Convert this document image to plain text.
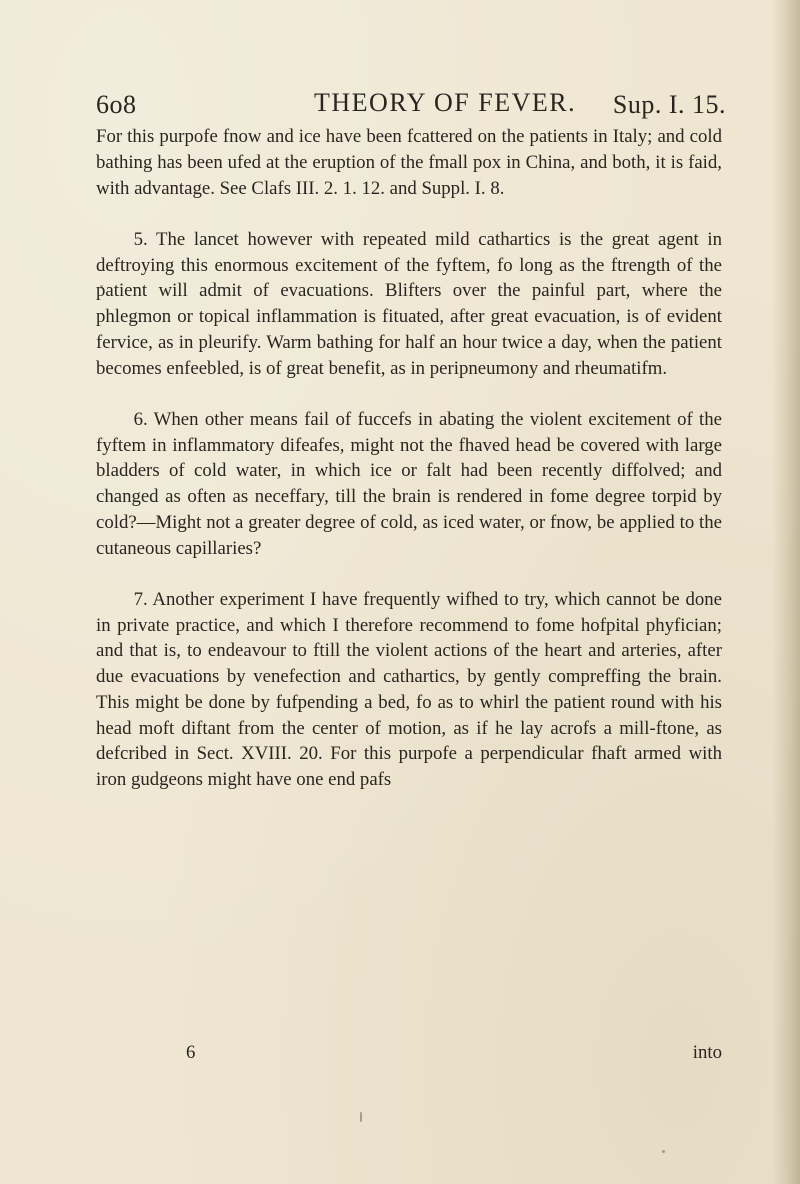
6o8	THEORY OF FEVER. Sup. I. 15.

For this purpofe fnow and ice have been fcattered on the patients in Italy; and cold bathing has been ufed at the eruption of the fmall pox in China, and both, it is faid, with advantage. See Clafs III. 2. 1. 12. and Suppl. I. 8.

5. The lancet however with repeated mild cathartics is the great agent in deftroying this enormous excitement of the fyftem, fo long as the ftrength of the patient will admit of evacuations. Blifters over the painful part, where the phlegmon or topical inflammation is fituated, after great evacuation, is of evident fervice, as in pleurify. Warm bathing for half an hour twice a day, when the patient becomes enfeebled, is of great benefit, as in peripneumony and rheumatifm.

6. When other means fail of fuccefs in abating the violent excitement of the fyftem in inflammatory difeafes, might not the fhaved head be covered with large bladders of cold water, in which ice or falt had been recently diffolved; and changed as often as neceffary, till the brain is rendered in fome degree torpid by cold?—Might not a greater degree of cold, as iced water, or fnow, be applied to the cutaneous capillaries?

7. Another experiment I have frequently wifhed to try, which cannot be done in private practice, and which I therefore recommend to fome hofpital phyfician; and that is, to endeavour to ftill the violent actions of the heart and arteries, after due evacuations by venefection and cathartics, by gently compreffing the brain. This might be done by fufpending a bed, fo as to whirl the patient round with his head moft diftant from the center of motion, as if he lay acrofs a mill-ftone, as defcribed in Sect. XVIII. 20. For this purpofe a perpendicular fhaft armed with iron gudgeons might have one end pafs

6	into
